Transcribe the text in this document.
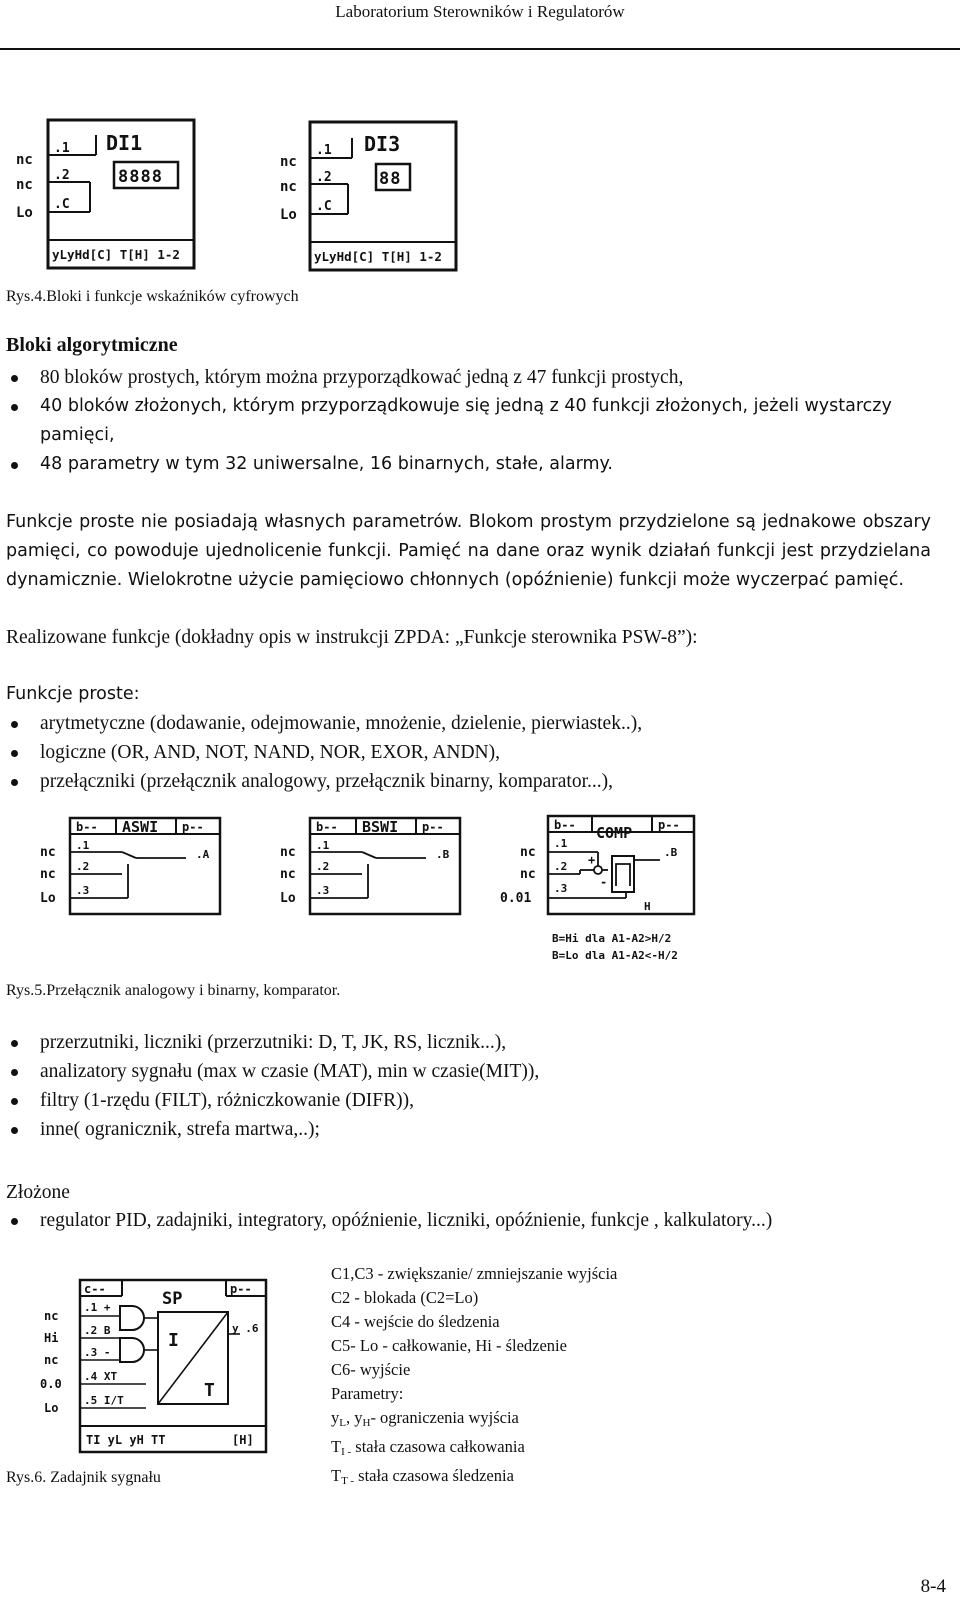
Laboratorium Sterowników i Regulatorów
nc
nc
Lo
.1
.2
.C
DI1
8888
yLyHd[C] T[H] 1-2
nc
nc
Lo
.1
.2
.C
DI3
88
yLyHd[C] T[H] 1-2
Rys.4.Bloki i funkcje wskaźników cyfrowych
Bloki algorytmiczne
80 bloków prostych, którym można przyporządkować jedną z 47 funkcji prostych,
40 bloków złożonych, którym przyporządkowuje się jedną z 40 funkcji złożonych, jeżeli wystarczy pamięci,
48 parametry w tym 32 uniwersalne, 16 binarnych, stałe, alarmy.
Funkcje proste nie posiadają własnych parametrów. Blokom prostym przydzielone są jednakowe obszary pamięci, co powoduje ujednolicenie funkcji. Pamięć na dane oraz wynik działań funkcji jest przydzielana dynamicznie. Wielokrotne użycie pamięciowo chłonnych (opóźnienie) funkcji może wyczerpać pamięć.
Realizowane funkcje (dokładny opis w instrukcji ZPDA: „Funkcje sterownika PSW-8”):
Funkcje proste:
arytmetyczne (dodawanie, odejmowanie, mnożenie, dzielenie, pierwiastek..),
logiczne (OR, AND, NOT, NAND, NOR, EXOR, ANDN),
przełączniki (przełącznik analogowy, przełącznik binarny, komparator...),
nc
nc
Lo
b-- ASWI p--
.1
.2
.3
.A	nc
nc
Lo
b-- BSWI p--
.1
.2
.3
.B	nc
nc
0.01
b-- COMP p--
.1
.2
.3
+
-
.B
H
B=Hi dla A1-A2>H/2
B=Lo dla A1-A2<-H/2
Rys.5.Przełącznik analogowy i binarny, komparator.
przerzutniki, liczniki (przerzutniki: D, T, JK, RS, licznik...),
analizatory sygnału (max w czasie (MAT), min w czasie(MIT)),
filtry (1-rzędu (FILT), różniczkowanie (DIFR)),
inne( ogranicznik, strefa martwa,..);
Złożone
regulator PID, zadajniki, integratory, opóźnienie, liczniki, opóźnienie, funkcje , kalkulatory...)
nc
Hi
nc
0.0
Lo
c--	p--
SP
.1 +
.2 B
.3 -
.4 XT
.5 I/T
I
T
y .6
TI yL yH TT	[H]
C1,C3 - zwiększanie/ zmniejszanie wyjścia
C2 - blokada (C2=Lo)
C4 - wejście do śledzenia
C5- Lo - całkowanie, Hi - śledzenie
C6- wyjście
Parametry:
$y_L$, $y_H-$ ograniczenia wyjścia
$T_{I -}$ stała czasowa całkowania
$T_{T -}$ stała czasowa śledzenia
Rys.6. Zadajnik sygnału
8-4
